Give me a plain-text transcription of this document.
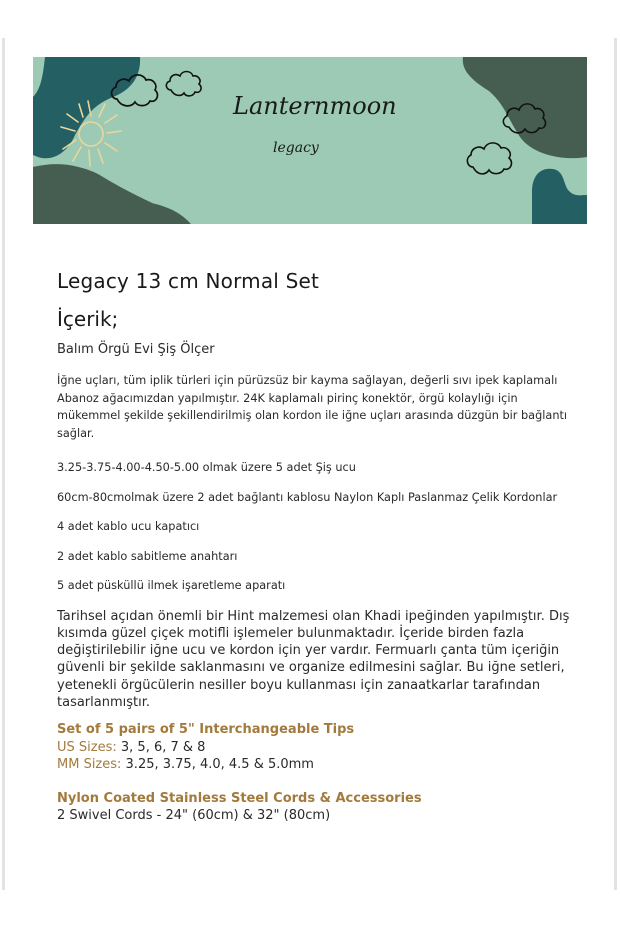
Lanternmoon
legacy
Legacy 13 cm Normal Set
İçerik;

Balım Örgü Evi Şiş Ölçer

İğne uçları, tüm iplik türleri için pürüzsüz bir kayma sağlayan, değerli sıvı ipek kaplamalı Abanoz ağacımızdan yapılmıştır. 24K kaplamalı pirinç konektör, örgü kolaylığı için mükemmel şekilde şekillendirilmiş olan kordon ile iğne uçları arasında düzgün bir bağlantı sağlar.

3.25-3.75-4.00-4.50-5.00 olmak üzere 5 adet Şiş ucu
60cm-80cmolmak üzere 2 adet bağlantı kablosu Naylon Kaplı Paslanmaz Çelik Kordonlar
4 adet kablo ucu kapatıcı
2 adet kablo sabitleme anahtarı
5 adet püsküllü ilmek işaretleme aparatı

Tarihsel açıdan önemli bir Hint malzemesi olan Khadi ipeğinden yapılmıştır. Dış kısımda güzel çiçek motifli işlemeler bulunmaktadır. İçeride birden fazla değiştirilebilir iğne ucu ve kordon için yer vardır. Fermuarlı çanta tüm içeriğin güvenli bir şekilde saklanmasını ve organize edilmesini sağlar. Bu iğne setleri, yetenekli örgücülerin nesiller boyu kullanması için zanaatkarlar tarafından tasarlanmıştır.

Set of 5 pairs of 5" Interchangeable Tips
US Sizes: 3, 5, 6, 7 & 8
MM Sizes: 3.25, 3.75, 4.0, 4.5 & 5.0mm
Nylon Coated Stainless Steel Cords & Accessories
2 Swivel Cords - 24" (60cm) & 32" (80cm)
